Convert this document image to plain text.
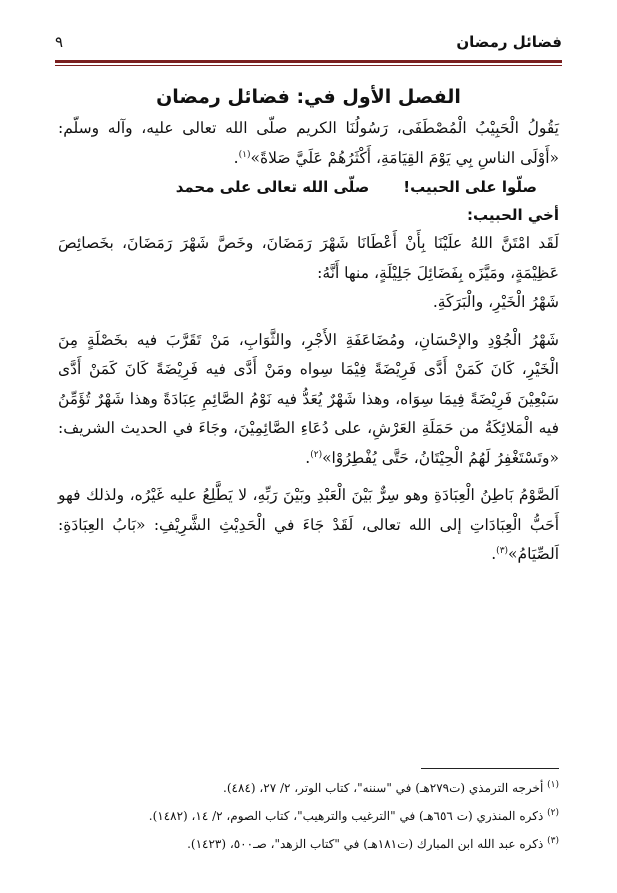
فضائل رمضان
٩
الفصل الأول في: فضائل رمضان

يَقُولُ الْحَبِيْبُ الْمُصْطَفَى، رَسُولُنَا الكريم صلّى الله تعالى عليه، وآله وسلّم: «أَوْلَى الناسِ بِي يَوْمَ القِيَامَةِ، أَكْثَرُهُمْ عَلَيَّ صَلاةً»$^{(١)}$.

صلّوا على الحبيب!صلّى الله تعالى على محمد

أخي الحبيب:

لَقَد امْتَنَّ اللهُ علَيْنَا بِأَنْ أَعْطَانَا شَهْرَ رَمَضَانَ، وخَصَّ شَهْرَ رَمَضَانَ، بخَصائِصَ عَظِيْمَةٍ، ومَيَّزَه بِفَضَائِلَ جَلِيْلَةٍ، منها أَنَّهُ:

شَهْرُ الْخَيْرِ، والْبَرَكَةِ.

شَهْرُ الْجُوْدِ والإحْسَانِ، ومُضَاعَفَةِ الأَجْرِ، والثَّوَابِ، مَنْ تَقَرَّبَ فيه بخَصْلَةٍ مِنَ الْخَيْرِ، كَانَ كَمَنْ أَدَّى فَرِيْضَةً فِيْمَا سِواه ومَنْ أَدَّى فيه فَرِيْضَةً كَانَ كَمَنْ أَدَّى سَبْعِيْنَ فَرِيْضَةً فِيمَا سِوَاه، وهذا شَهْرٌ يُعَدُّ فيه نَوْمُ الصَّائِمِ عِبَادَةً وهذا شَهْرٌ تُؤَمِّنُ فيه الْمَلائِكَةُ من حَمَلَةِ العَرْشِ، على دُعَاءِ الصَّائِمِيْنَ، وجَاءَ في الحديث الشريف: «وتَسْتَغْفِرُ لَهُمُ الْحِيْتَانُ، حَتَّى يُفْطِرُوْا»$^{(٢)}$.

اَلصَّوْمُ بَاطِنُ الْعِبَادَةِ وهو سِرٌّ بَيْنَ الْعَبْدِ وبَيْنَ رَبِّهِ، لا يَطَّلِعُ عليه غَيْرُه، ولذلك فهو أَحَبُّ الْعِبَادَاتِ إلى الله تعالى، لَقَدْ جَاءَ في الْحَدِيْثِ الشَّرِيْفِ: «بَابُ العِبَادَةِ: اَلصِّيَامُ»$^{(٣)}$.

$^{(١)}$ أخرجه الترمذي (ت٢٧٩هـ) في "سننه"، كتاب الوتر، ٢/ ٢٧، (٤٨٤).
$^{(٢)}$ ذكره المنذري (ت ٦٥٦هـ) في "الترغيب والترهيب"، كتاب الصوم، ٢/ ١٤، (١٤٨٢).
$^{(٣)}$ ذكره عبد الله ابن المبارك (ت١٨١هـ) في "كتاب الزهد"، صـ٥٠٠، (١٤٢٣).
